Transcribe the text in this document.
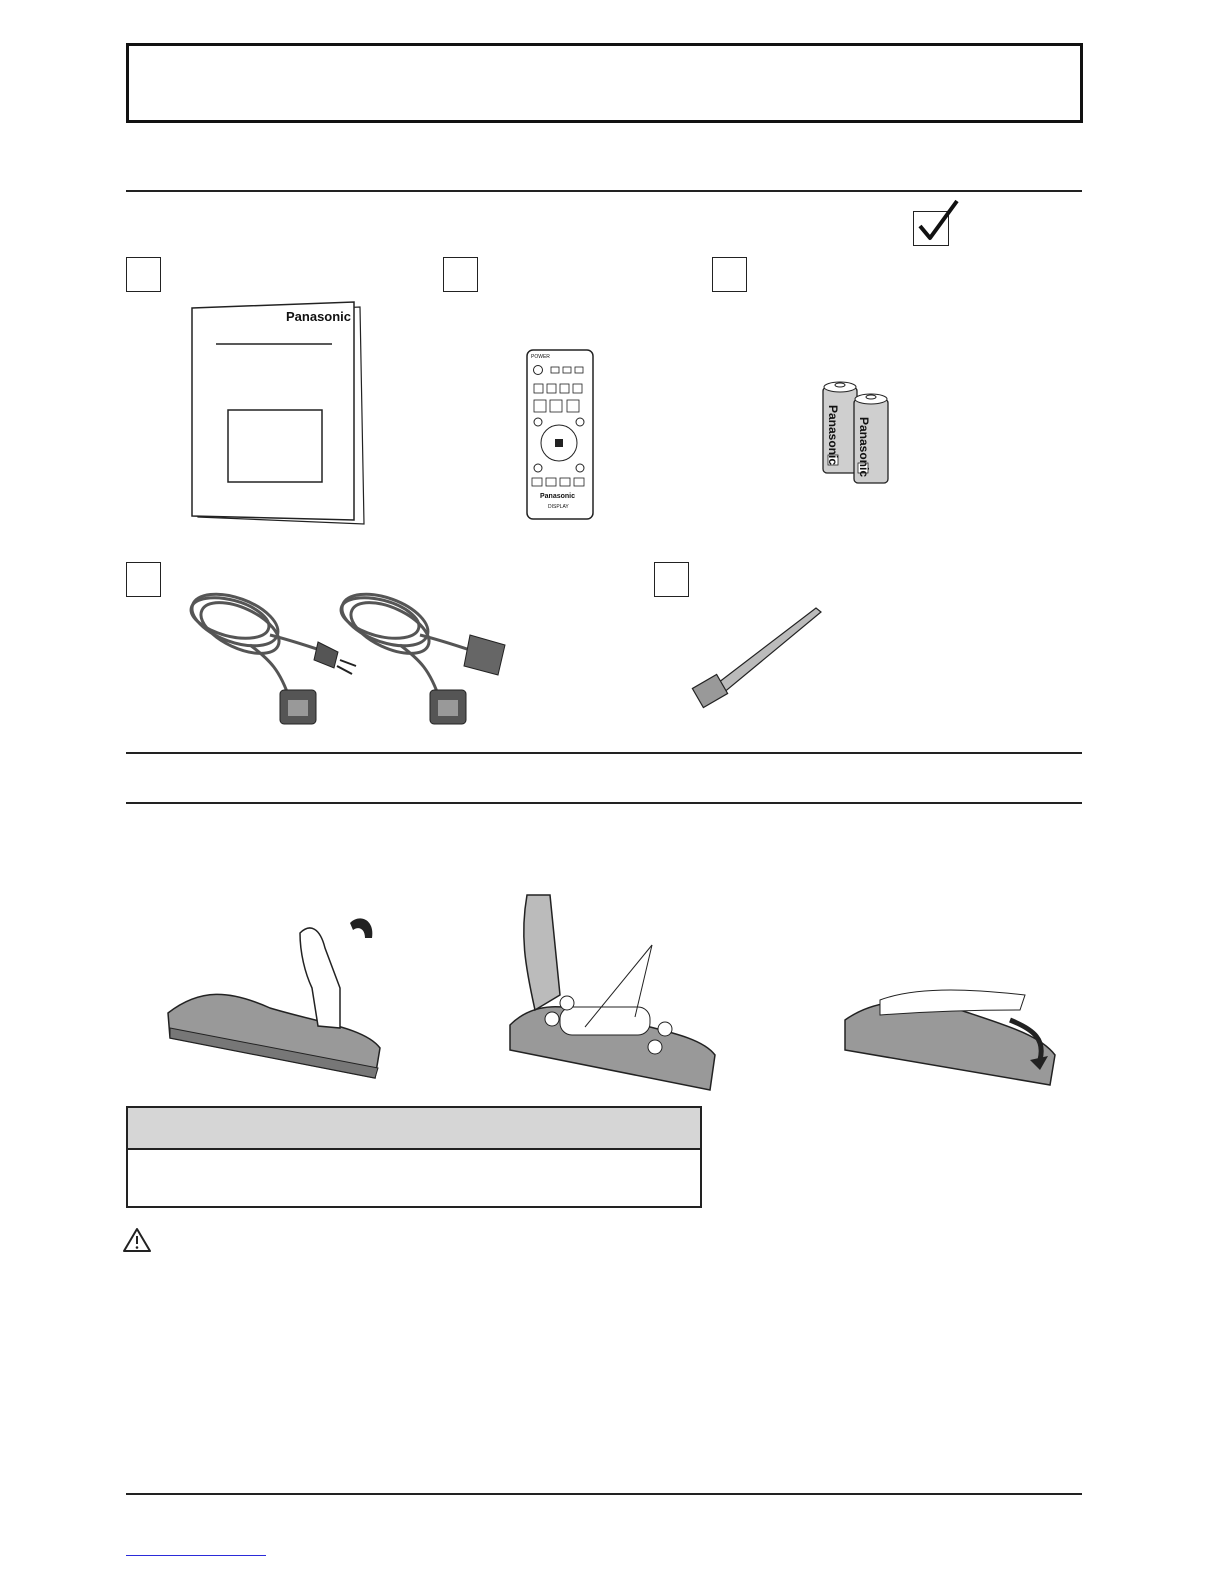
Panasonic
POWER
Panasonic
DISPLAY
Panasonic Panasonic
